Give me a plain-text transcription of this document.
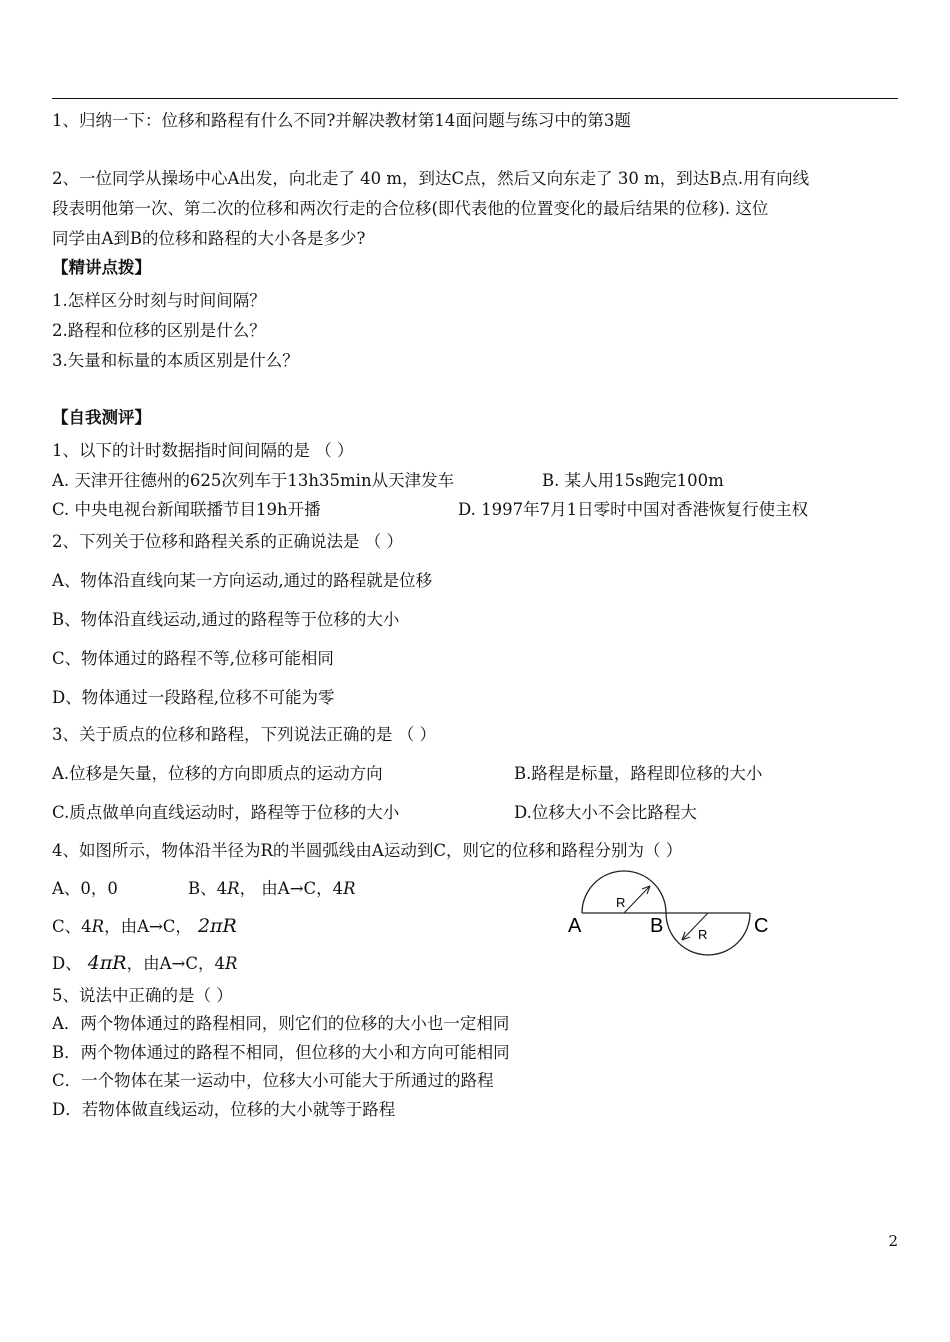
1、归纳一下：位移和路程有什么不同?并解决教材第14面问题与练习中的第3题
2、一位同学从操场中心A出发，向北走了 40 m，到达C点，然后又向东走了 30 m，到达B点.用有向线
段表明他第一次、第二次的位移和两次行走的合位移(即代表他的位置变化的最后结果的位移). 这位
同学由A到B的位移和路程的大小各是多少?
【精讲点拨】
1.怎样区分时刻与时间间隔？
2.路程和位移的区别是什么？
3.矢量和标量的本质区别是什么？
【自我测评】
1、以下的计时数据指时间间隔的是 （ ）
A. 天津开往德州的625次列车于13h35min从天津发车	B. 某人用15s跑完100m
C. 中央电视台新闻联播节目19h开播	D. 1997年7月1日零时中国对香港恢复行使主权
2、下列关于位移和路程关系的正确说法是 （ ）
A、物体沿直线向某一方向运动,通过的路程就是位移
B、物体沿直线运动,通过的路程等于位移的大小
C、物体通过的路程不等,位移可能相同
D、物体通过一段路程,位移不可能为零
3、关于质点的位移和路程，下列说法正确的是 （ ）
A.位移是矢量，位移的方向即质点的运动方向	B.路程是标量，路程即位移的大小
C.质点做单向直线运动时，路程等于位移的大小	D.位移大小不会比路程大
4、如图所示，物体沿半径为R的半圆弧线由A运动到C，则它的位移和路程分别为（ ）
A、0，0	B、4R， 由A→C，4R
C、4R，由A→C， 2πR
D、 4πR，由A→C，4R
A	B	C
R
R
5、说法中正确的是（ ）
A．两个物体通过的路程相同，则它们的位移的大小也一定相同
B．两个物体通过的路程不相同，但位移的大小和方向可能相同
C．一个物体在某一运动中，位移大小可能大于所通过的路程
D．若物体做直线运动，位移的大小就等于路程
2
